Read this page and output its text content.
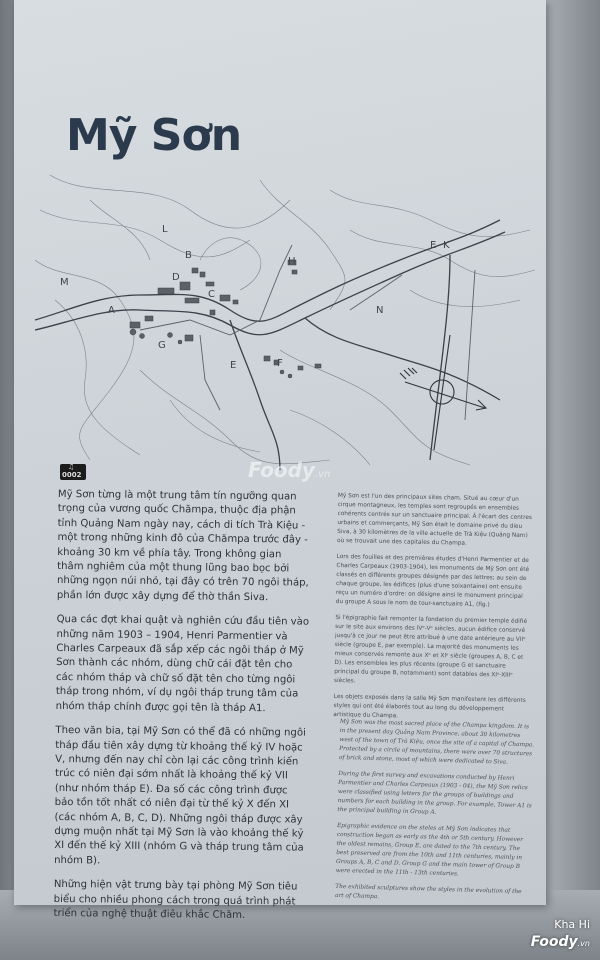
Mỹ Sơn
L
B
H
M
A
C
D
G
E	F
N
E K
♫
0002

Mỹ Sơn từng là một trung tâm tín ngưỡng quan trọng của vương quốc Chămpa, thuộc địa phận tỉnh Quảng Nam ngày nay, cách di tích Trà Kiệu - một trong những kinh đô của Chămpa trước đây - khoảng 30 km về phía tây. Trong không gian thâm nghiêm của một thung lũng bao bọc bởi những ngọn núi nhỏ, tại đây có trên 70 ngôi tháp, phần lớn được xây dựng để thờ thần Siva.

Qua các đợt khai quật và nghiên cứu đầu tiên vào những năm 1903 – 1904, Henri Parmentier và Charles Carpeaux đã sắp xếp các ngôi tháp ở Mỹ Sơn thành các nhóm, dùng chữ cái đặt tên cho các nhóm tháp và chữ số đặt tên cho từng ngôi tháp trong nhóm, ví dụ ngôi tháp trung tâm của nhóm tháp chính được gọi tên là tháp A1.

Theo văn bia, tại Mỹ Sơn có thể đã có những ngôi tháp đầu tiên xây dựng từ khoảng thế kỷ IV hoặc V, nhưng đến nay chỉ còn lại các công trình kiến trúc có niên đại sớm nhất là khoảng thế kỷ VII (như nhóm tháp E). Đa số các công trình được bảo tồn tốt nhất có niên đại từ thế kỷ X đến XI (các nhóm A, B, C, D). Những ngôi tháp được xây dựng muộn nhất tại Mỹ Sơn là vào khoảng thế kỷ XI đến thế kỷ XIII (nhóm G và tháp trung tâm của nhóm B).

Những hiện vật trưng bày tại phòng Mỹ Sơn tiêu biểu cho nhiều phong cách trong quá trình phát triển của nghệ thuật điêu khắc Chăm.

Mỹ Sơn est l'un des principaux sites cham. Situé au cœur d'un cirque montagneux, les temples sont regroupés en ensembles cohérents centrés sur un sanctuaire principal. À l'écart des centres urbains et commerçants, Mỹ Sơn était le domaine privé du dieu Siva, à 30 kilomètres de la ville actuelle de Trà Kiệu (Quảng Nam) où se trouvait une des capitales du Champa.

Lors des fouilles et des premières études d'Henri Parmentier et de Charles Carpeaux (1903-1904), les monuments de Mỹ Sơn ont été classés en différents groupes désignés par des lettres; au sein de chaque groupe, les édifices (plus d'une soixantaine) ont ensuite reçu un numéro d'ordre: on désigne ainsi le monument principal du groupe A sous le nom de tour-sanctuaire A1, (fig.)

Si l'épigraphie fait remonter la fondation du premier temple édifié sur le site aux environs des IVᵉ-Vᵉ siècles, aucun édifice conservé jusqu'à ce jour ne peut être attribué à une date antérieure au VIIᵉ siècle (groupe E, par exemple). La majorité des monuments les mieux conservés remonte aux Xᵉ et XIᵉ siècle (groupes A, B, C et D). Les ensembles les plus récents (groupe G et sanctuaire principal du groupe B, notamment) sont datables des XIᵉ-XIIIᵉ siècles.

Les objets exposés dans la salle Mỹ Sơn manifestent les différents styles qui ont été élaborés tout au long du développement artistique du Champa.

Mỹ Sơn was the most sacred place of the Champa kingdom. It is in the present day Quảng Nam Province, about 30 kilometres west of the town of Trà Kiệu, once the site of a capital of Champa. Protected by a circle of mountains, there were over 70 structures of brick and stone, most of which were dedicated to Siva.

During the first survey and excavations conducted by Henri Parmentier and Charles Carpeaux (1903 - 04), the Mỹ Sơn relics were classified using letters for the groups of buildings and numbers for each building in the group. For example, Tower A1 is the principal building in Group A.

Epigraphic evidence on the steles at Mỹ Sơn indicates that construction began as early as the 4th or 5th century. However the oldest remains, Group E, are dated to the 7th century. The best preserved are from the 10th and 11th centuries, mainly in Groups A, B, C and D. Group G and the main tower of Group B were erected in the 11th - 13th centuries.

The exhibited sculptures show the styles in the evolution of the art of Champa.

Foody.vn
Kha Hi
Foody.vn
